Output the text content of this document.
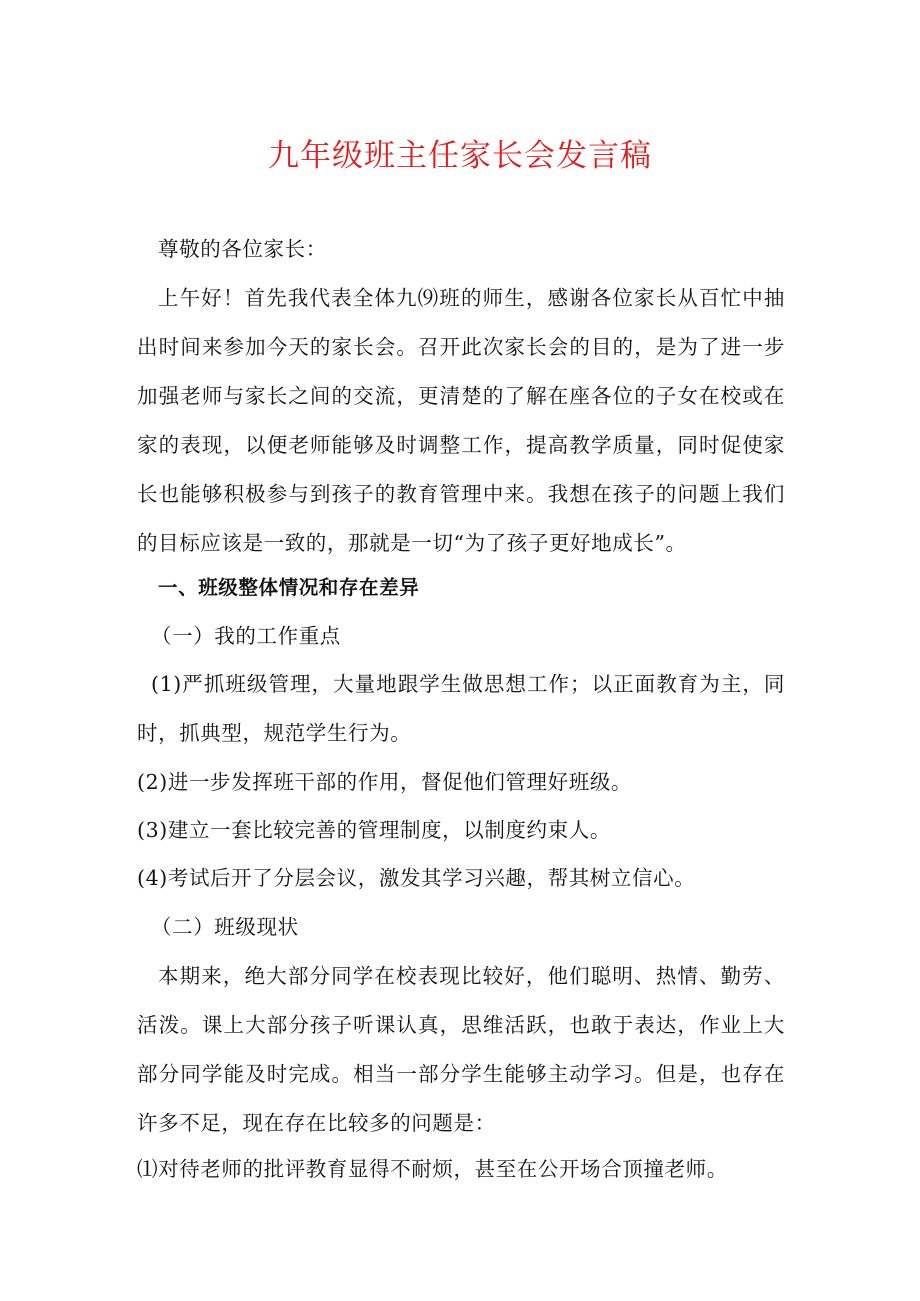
九年级班主任家长会发言稿

尊敬的各位家长：

上午好！首先我代表全体九⑼班的师生，感谢各位家长从百忙中抽出时间来参加今天的家长会。召开此次家长会的目的，是为了进一步加强老师与家长之间的交流，更清楚的了解在座各位的子女在校或在家的表现，以便老师能够及时调整工作，提高教学质量，同时促使家长也能够积极参与到孩子的教育管理中来。我想在孩子的问题上我们的目标应该是一致的，那就是一切“为了孩子更好地成长”。

一、班级整体情况和存在差异

（一）我的工作重点

(1)严抓班级管理，大量地跟学生做思想工作；以正面教育为主，同时，抓典型，规范学生行为。

(2)进一步发挥班干部的作用，督促他们管理好班级。

(3)建立一套比较完善的管理制度，以制度约束人。

(4)考试后开了分层会议，激发其学习兴趣，帮其树立信心。

（二）班级现状

本期来，绝大部分同学在校表现比较好，他们聪明、热情、勤劳、活泼。课上大部分孩子听课认真，思维活跃，也敢于表达，作业上大部分同学能及时完成。相当一部分学生能够主动学习。但是，也存在许多不足，现在存在比较多的问题是：

⑴对待老师的批评教育显得不耐烦，甚至在公开场合顶撞老师。
